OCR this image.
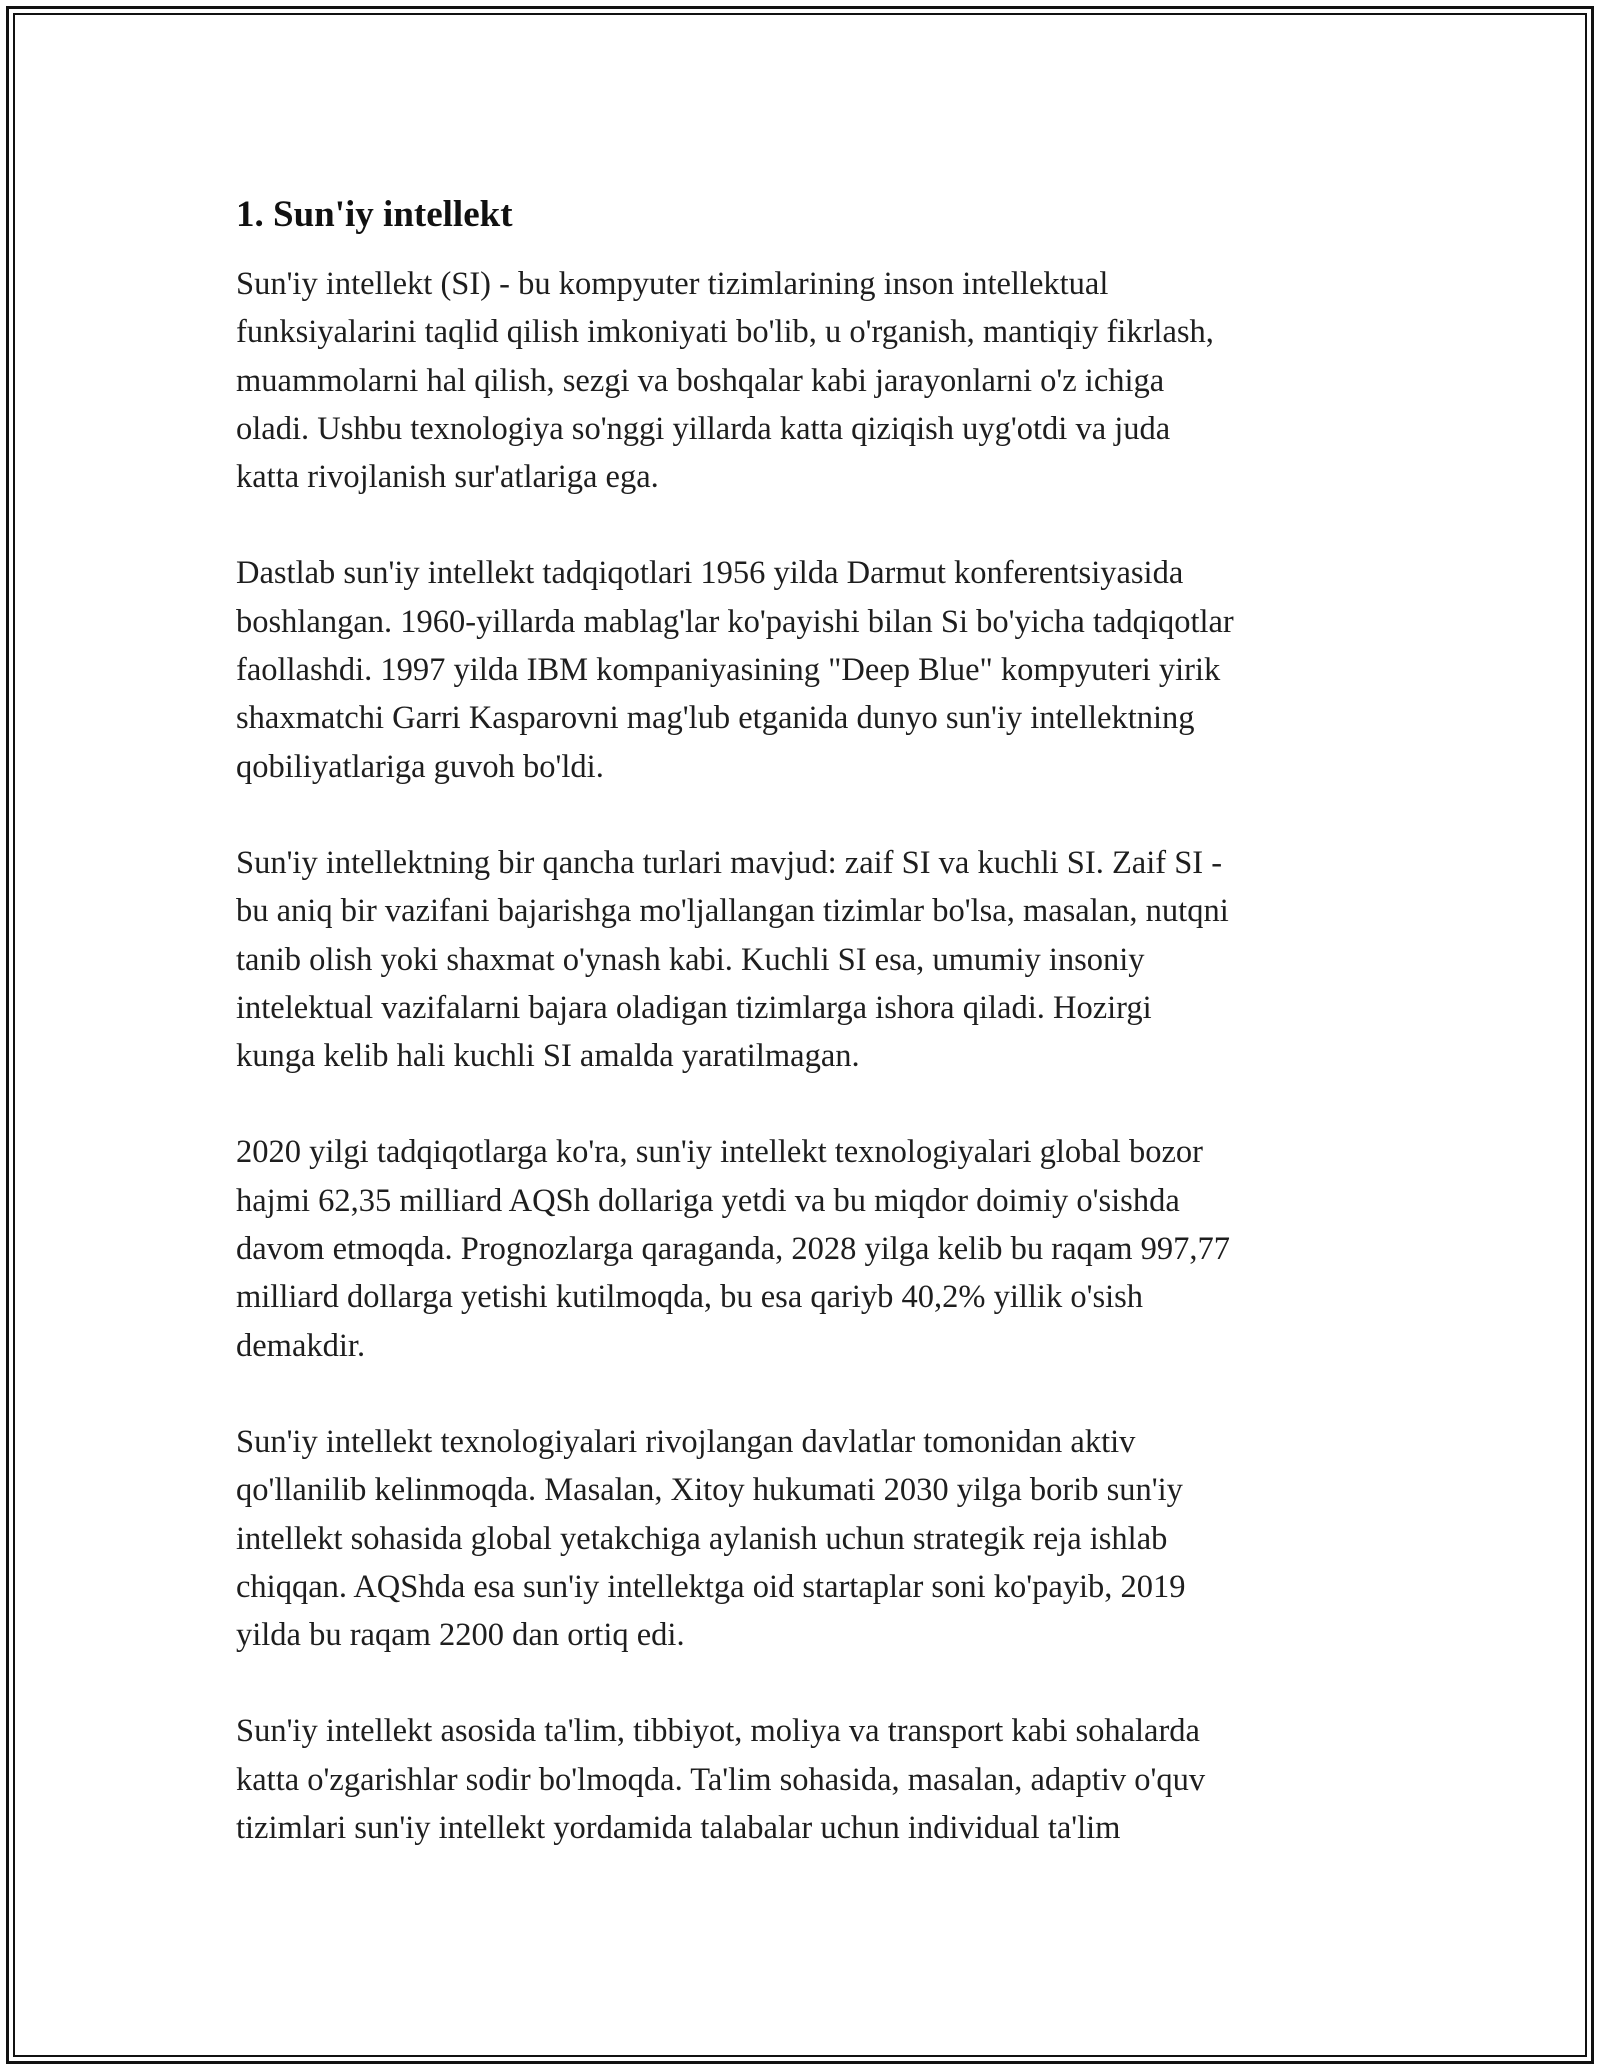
1. Sun'iy intellekt

Sun'iy intellekt (SI) - bu kompyuter tizimlarining inson intellektual
funksiyalarini taqlid qilish imkoniyati bo'lib, u o'rganish, mantiqiy fikrlash,
muammolarni hal qilish, sezgi va boshqalar kabi jarayonlarni o'z ichiga
oladi. Ushbu texnologiya so'nggi yillarda katta qiziqish uyg'otdi va juda
katta rivojlanish sur'atlariga ega.

Dastlab sun'iy intellekt tadqiqotlari 1956 yilda Darmut konferentsiyasida
boshlangan. 1960-yillarda mablag'lar ko'payishi bilan Si bo'yicha tadqiqotlar
faollashdi. 1997 yilda IBM kompaniyasining "Deep Blue" kompyuteri yirik
shaxmatchi Garri Kasparovni mag'lub etganida dunyo sun'iy intellektning
qobiliyatlariga guvoh bo'ldi.

Sun'iy intellektning bir qancha turlari mavjud: zaif SI va kuchli SI. Zaif SI -
bu aniq bir vazifani bajarishga mo'ljallangan tizimlar bo'lsa, masalan, nutqni
tanib olish yoki shaxmat o'ynash kabi. Kuchli SI esa, umumiy insoniy
intelektual vazifalarni bajara oladigan tizimlarga ishora qiladi. Hozirgi
kunga kelib hali kuchli SI amalda yaratilmagan.

2020 yilgi tadqiqotlarga ko'ra, sun'iy intellekt texnologiyalari global bozor
hajmi 62,35 milliard AQSh dollariga yetdi va bu miqdor doimiy o'sishda
davom etmoqda. Prognozlarga qaraganda, 2028 yilga kelib bu raqam 997,77
milliard dollarga yetishi kutilmoqda, bu esa qariyb 40,2% yillik o'sish
demakdir.

Sun'iy intellekt texnologiyalari rivojlangan davlatlar tomonidan aktiv
qo'llanilib kelinmoqda. Masalan, Xitoy hukumati 2030 yilga borib sun'iy
intellekt sohasida global yetakchiga aylanish uchun strategik reja ishlab
chiqqan. AQShda esa sun'iy intellektga oid startaplar soni ko'payib, 2019
yilda bu raqam 2200 dan ortiq edi.

Sun'iy intellekt asosida ta'lim, tibbiyot, moliya va transport kabi sohalarda
katta o'zgarishlar sodir bo'lmoqda. Ta'lim sohasida, masalan, adaptiv o'quv
tizimlari sun'iy intellekt yordamida talabalar uchun individual ta'lim
